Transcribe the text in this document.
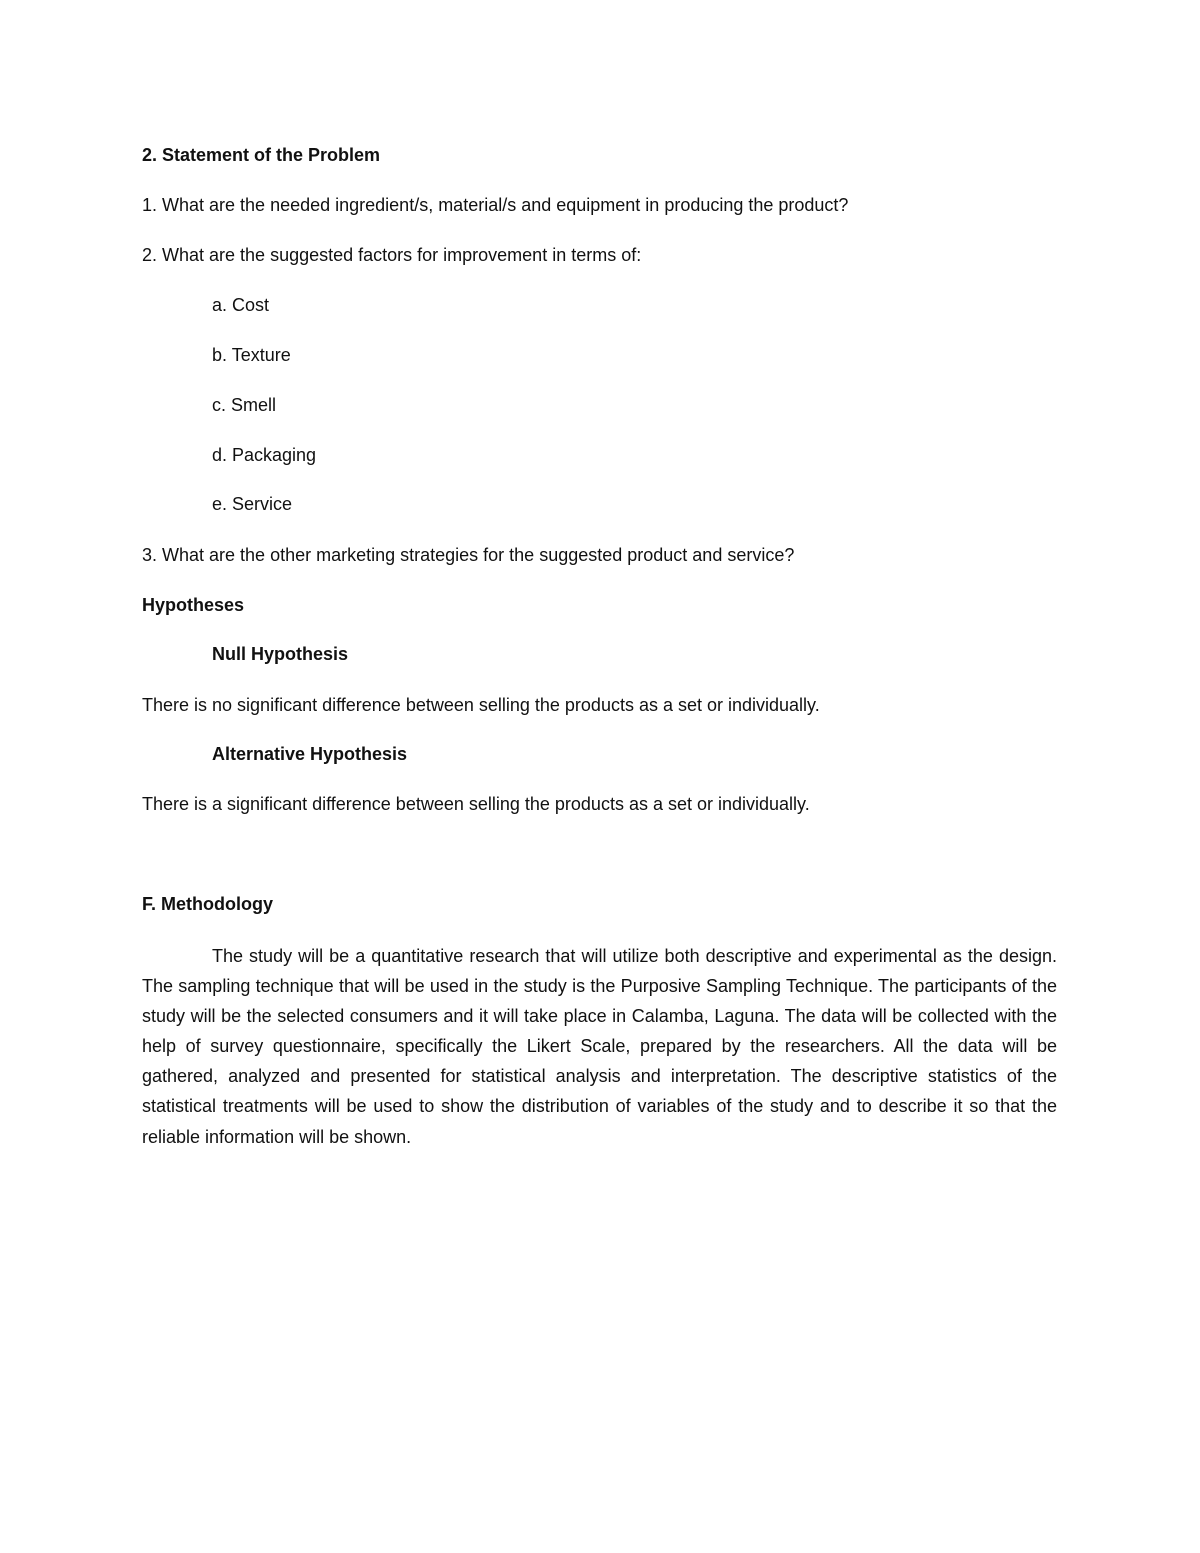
2. Statement of the Problem

1. What are the needed ingredient/s, material/s and equipment in producing the product?

2. What are the suggested factors for improvement in terms of:

a. Cost

b. Texture

c. Smell

d. Packaging

e. Service

3. What are the other marketing strategies for the suggested product and service?

Hypotheses

Null Hypothesis

There is no significant difference between selling the products as a set or individually.

Alternative Hypothesis

There is a significant difference between selling the products as a set or individually.

F. Methodology

The study will be a quantitative research that will utilize both descriptive and experimental as the design. The sampling technique that will be used in the study is the Purposive Sampling Technique. The participants of the study will be the selected consumers and it will take place in Calamba, Laguna. The data will be collected with the help of survey questionnaire, specifically the Likert Scale, prepared by the researchers. All the data will be gathered, analyzed and presented for statistical analysis and interpretation. The descriptive statistics of the statistical treatments will be used to show the distribution of variables of the study and to describe it so that the reliable information will be shown.
